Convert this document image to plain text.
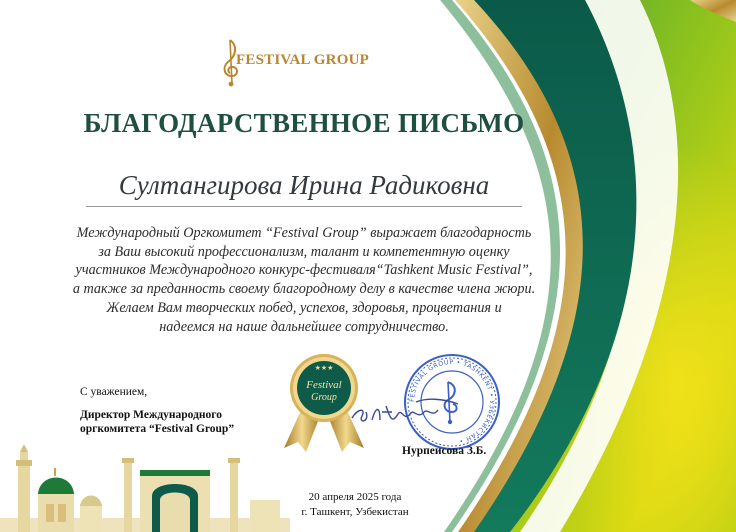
FESTIVAL GROUP
БЛАГОДАРСТВЕННОЕ ПИСЬМО
Султангирова Ирина Радиковна
Международный Оргкомитет “Festival Group” выражает благодарность
за Ваш высокий профессионализм, талант и компетентную оценку
участников Международного конкурс-фестиваля“Tashkent Music Festival”,
а также за преданность своему благородному делу в качестве члена жюри.
Желаем Вам творческих побед, успехов, здоровья, процветания и
надеемся на наше дальнейшее сотрудничество.
С уважением,
Директор Международного
оргкомитета “Festival Group”
★★★
Festival
Group	FESTIVAL GROUP • TASHKENT • УЗБЕКИСТАН •
Нурпеисова З.Б.
20 апреля 2025 года
г. Ташкент, Узбекистан
